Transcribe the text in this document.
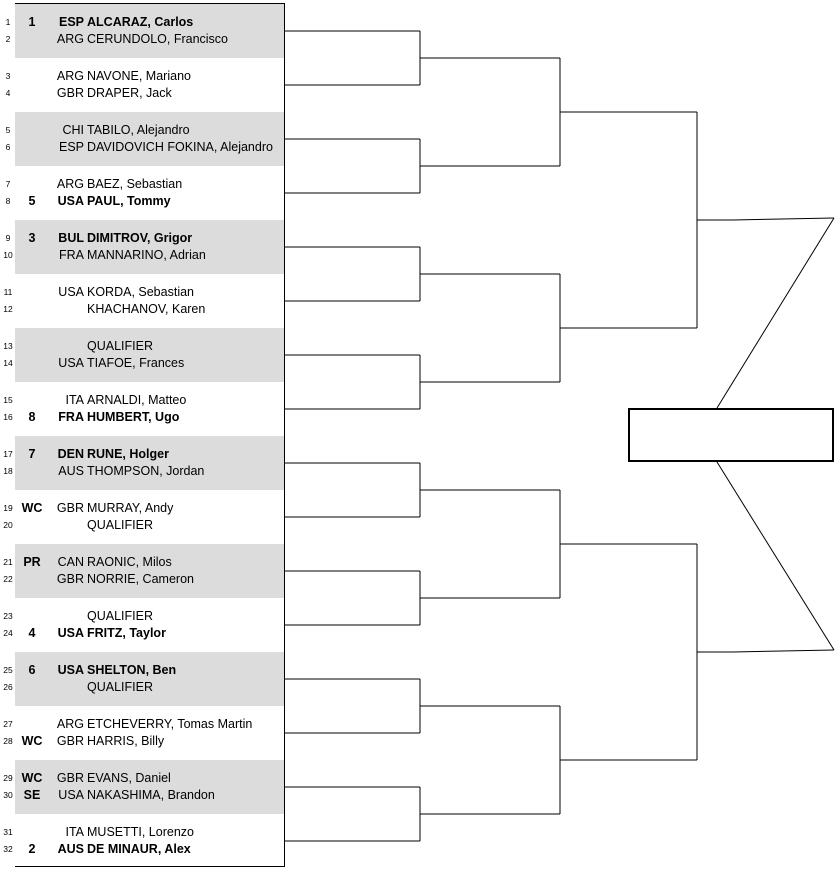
1	1	ESP ALCARAZ, Carlos
2	ARG CERUNDOLO, Francisco
3	ARG NAVONE, Mariano
4	GBR DRAPER, Jack
5	CHI TABILO, Alejandro
6	ESP DAVIDOVICH FOKINA, Alejandro
7	ARG BAEZ, Sebastian
8	5	USA PAUL, Tommy
9	3	BUL DIMITROV, Grigor
10	FRA MANNARINO, Adrian
11	USA KORDA, Sebastian
12	KHACHANOV, Karen
13	QUALIFIER
14	USA TIAFOE, Frances
15	ITA ARNALDI, Matteo
16	8	FRA HUMBERT, Ugo
17	7	DEN RUNE, Holger
18	AUS THOMPSON, Jordan
19 WC	GBR MURRAY, Andy
20	QUALIFIER
21 PR	CAN RAONIC, Milos
22	GBR NORRIE, Cameron
23	QUALIFIER
24	4	USA FRITZ, Taylor
25	6	USA SHELTON, Ben
26	QUALIFIER
27	ARG ETCHEVERRY, Tomas Martin
28 WC	GBR HARRIS, Billy
29 WC	GBR EVANS, Daniel
30 SE	USA NAKASHIMA, Brandon
31	ITA MUSETTI, Lorenzo
32	2	AUS DE MINAUR, Alex
